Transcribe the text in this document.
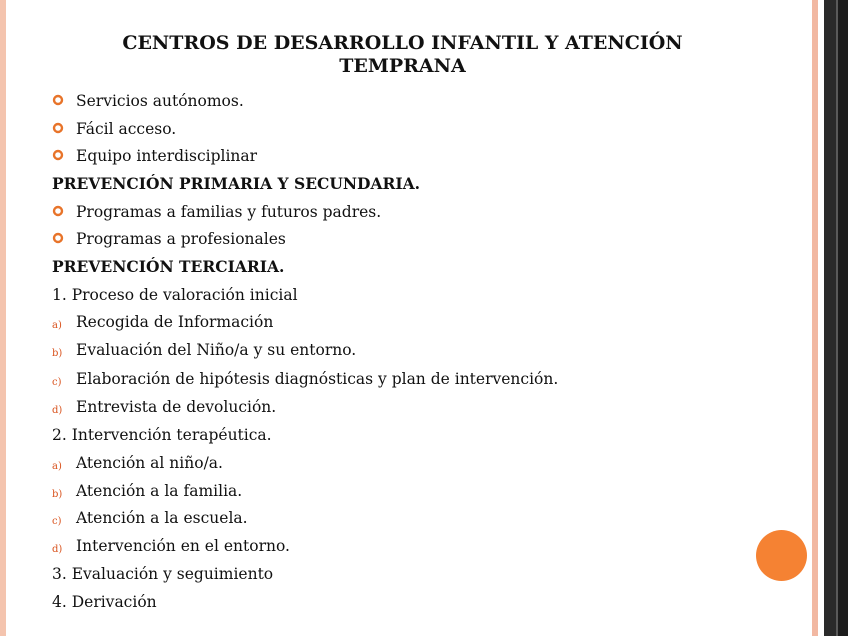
CENTROS DE DESARROLLO INFANTIL Y ATENCIÓN
TEMPRANA
Servicios autónomos.
Fácil acceso.
Equipo interdisciplinar
PREVENCIÓN PRIMARIA Y SECUNDARIA.
Programas a familias y futuros padres.
Programas a profesionales
PREVENCIÓN TERCIARIA.
1. Proceso de valoración inicial
a) Recogida de Información
b) Evaluación del Niño/a y su entorno.
c) Elaboración de hipótesis diagnósticas y plan de intervención.
d) Entrevista de devolución.
2. Intervención terapéutica.
a) Atención al niño/a.
b) Atención a la familia.
c) Atención a la escuela.
d) Intervención en el entorno.
3. Evaluación y seguimiento
4. Derivación
